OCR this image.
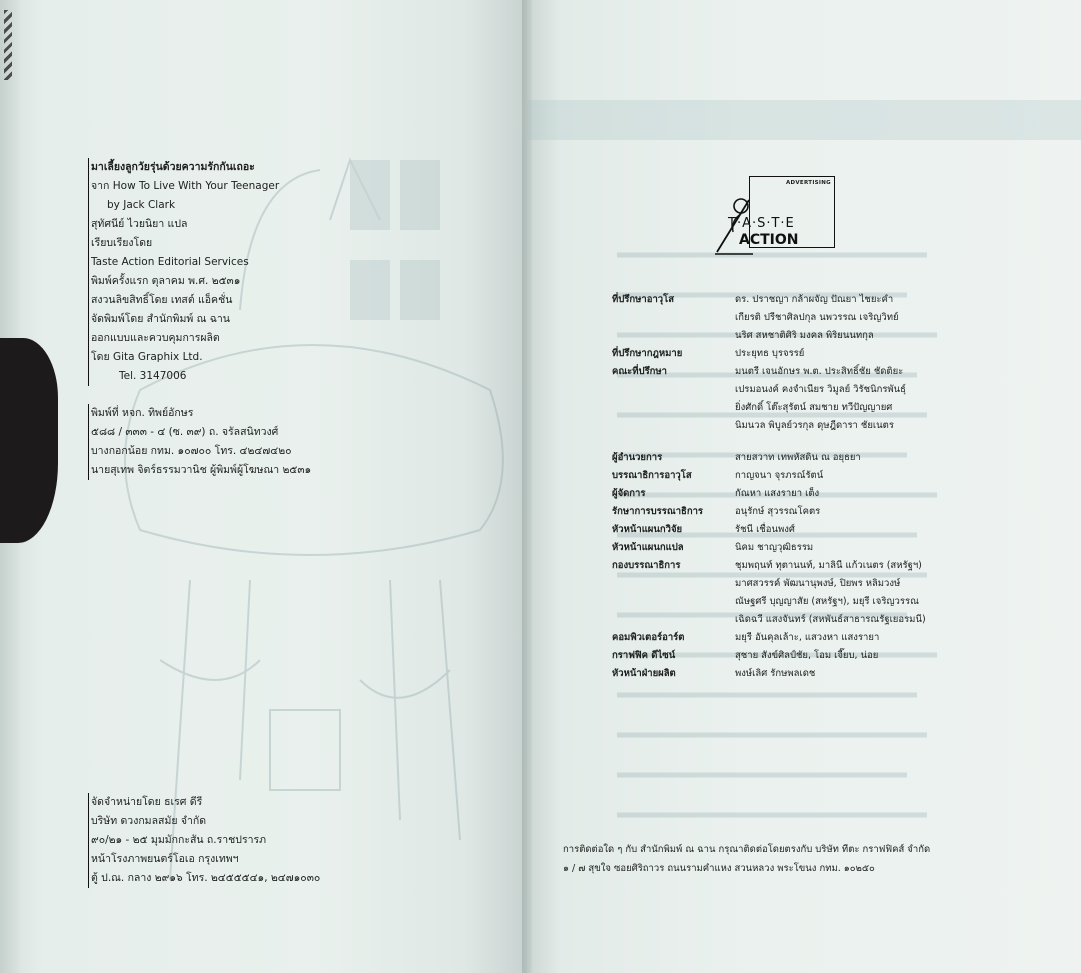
มาเลี้ยงลูกวัยรุ่นด้วยความรักกันเถอะ
จาก How To Live With Your Teenager
by Jack Clark
สุทัศนีย์ ไวยนิยา แปล
เรียบเรียงโดย
Taste Action Editorial Services
พิมพ์ครั้งแรก ตุลาคม พ.ศ. ๒๕๓๑
สงวนลิขสิทธิ์โดย เทสต์ แอ็คชั่น
จัดพิมพ์โดย สำนักพิมพ์ ณ ฉาน
ออกแบบและควบคุมการผลิต
โดย Gita Graphix Ltd.
Tel. 3147006
พิมพ์ที่ หจก. ทิพย์อักษร
๕๘๘ / ๓๓๓ - ๔ (ซ. ๓๙) ถ. จรัลสนิทวงศ์
บางกอกน้อย กทม. ๑๐๗๐๐ โทร. ๔๒๔๗๔๒๐
นายสุเทพ จิตร์ธรรมวานิช ผู้พิมพ์ผู้โฆษณา ๒๕๓๑
จัดจำหน่ายโดย ธเรศ ดีรี
บริษัท ดวงกมลสมัย จำกัด
๙๐/๒๑ - ๒๕ มุมมักกะสัน ถ.ราชปรารภ
หน้าโรงภาพยนตร์โอเอ กรุงเทพฯ
ตู้ ป.ณ. กลาง ๒๙๑๖ โทร. ๒๔๕๕๕๔๑, ๒๔๗๑๐๓๐
ADVERTISING
T·A·S·T·E
ACTION
ที่ปรึกษาอาวุโส	ดร. ปราชญา กล้าผจัญ ปัณยา ไชยะคำ
เกียรติ ปรีชาศิลปกุล นพวรรณ เจริญวิทย์
นริศ สหชาติศิริ มงคล พิริยนนทกุล
ที่ปรึกษากฎหมาย	ประยุทธ บุรจรรย์
คณะที่ปรึกษา	มนตรี เจนอักษร พ.ต. ประสิทธิ์ชัย ชัดติยะ
เปรมอนงค์ คงจำเนียร วิมูลย์ วิรัชนิกรพันธุ์
ยิ่งศักดิ์ โต๊ะสุรัตน์ สมชาย ทวีปัญญายศ
นิมนวล พิบูลย์วรกุล ดุษฎีดารา ชัยเนตร
ผู้อำนวยการ	สายสวาท เทพหัสดิน ณ อยุธยา
บรรณาธิการอาวุโส	กาญจนา จุรภรณ์รัตน์
ผู้จัดการ	กัณหา แสงรายา เต็ง
รักษาการบรรณาธิการ	อนุรักษ์ สุวรรณโคตร
หัวหน้าแผนกวิจัย	รัชนี เชื่อนพงศ์
หัวหน้าแผนกแปล	นิคม ชาญวุฒิธรรม
กองบรรณาธิการ	ชุมพฤนท์ ทุตานนท์, มาลินี แก้วเนตร (สหรัฐฯ)
มาศสวรรค์ พัฒนานุพงษ์, ปิยพร หลิมวงษ์
ณัษฐศรี บุญญาสัย (สหรัฐฯ), มยุรี เจริญวรรณ
เฉิดฉวี แสงจันทร์ (สหพันธ์สาธารณรัฐเยอรมนี)
คอมพิวเตอร์อาร์ต	มยุรี อันคุลเล้าะ, แสวงหา แสงรายา
กราฟฟิค ดีไซน์	สุชาย สังข์ศิลป์ชัย, โอม เจี๊ยบ, น่อย
หัวหน้าฝ่ายผลิต	พงษ์เลิศ รักษพลเดช
การติดต่อใด ๆ กับ สำนักพิมพ์ ณ ฉาน กรุณาติดต่อโดยตรงกับ บริษัท ทีตะ กราฟฟิคส์ จำกัด
๑ / ๗ สุขใจ ซอยศิริถาวร ถนนรามคำแหง สวนหลวง พระโขนง กทม. ๑๐๒๕๐
